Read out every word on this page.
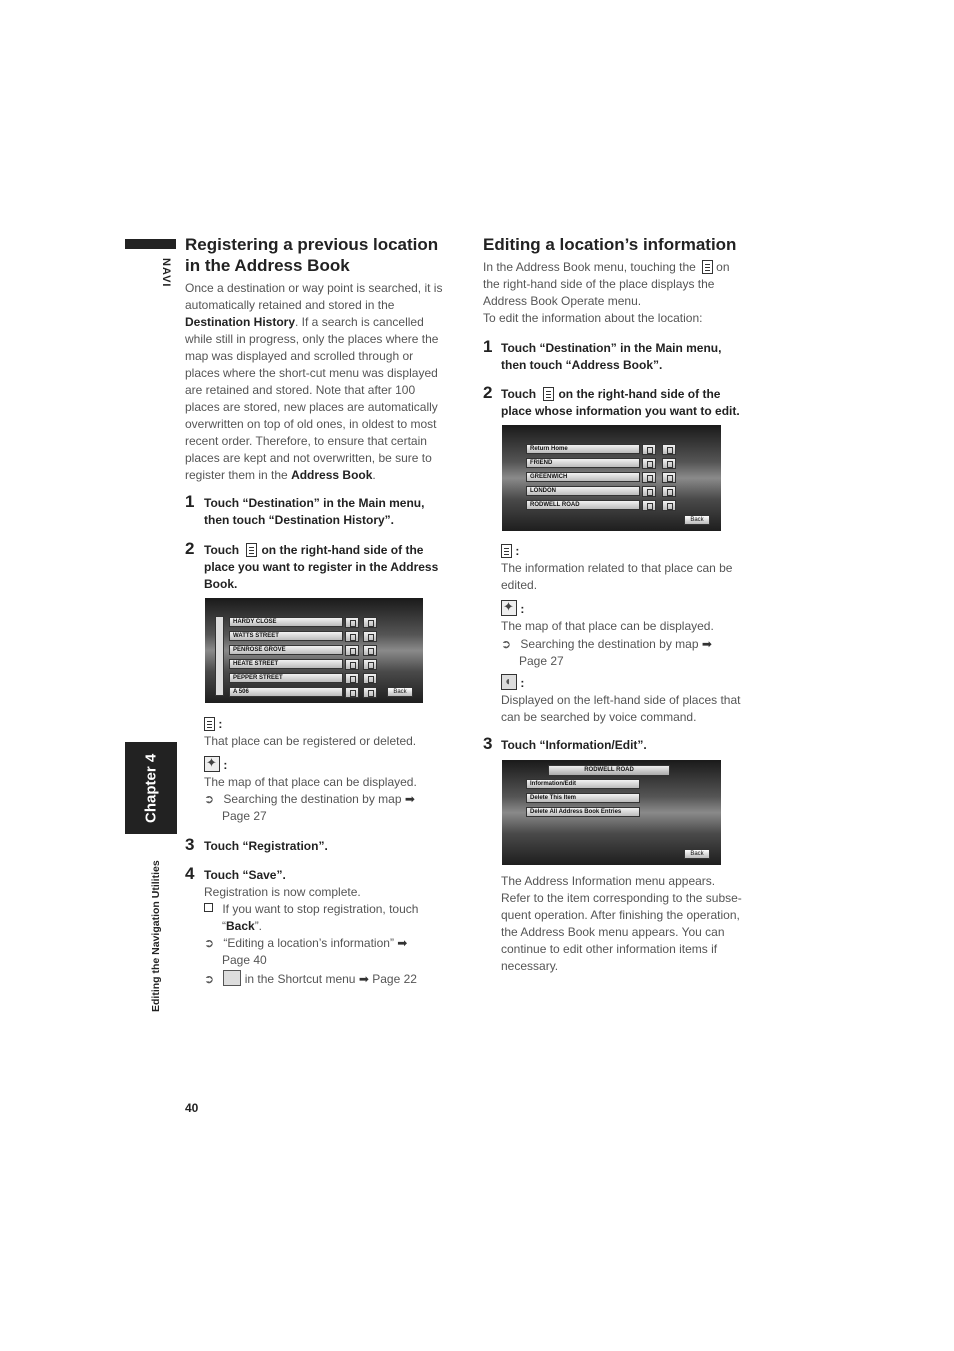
NAVI
Chapter 4
Editing the Navigation Utilities
40
Registering a previous location
in the Address Book
Once a destination or way point is searched, it is
automatically retained and stored in the
Destination History. If a search is cancelled
while still in progress, only the places where the
map was displayed and scrolled through or
places where the short-cut menu was displayed
are retained and stored. Note that after 100
places are stored, new places are automatically
overwritten on top of old ones, in oldest to most
recent order. Therefore, to ensure that certain
places are kept and not overwritten, be sure to
register them in the Address Book.
1 Touch “Destination” in the Main menu,
then touch “Destination History”.
2 Touch on the right-hand side of the
place you want to register in the Address
Book.
HARDY CLOSE
WATTS STREET
PENROSE GROVE
HEATE STREET
PEPPER STREET
A 506	Back
:
That place can be registered or deleted.
✦ :
The map of that place can be displayed.
➲ Searching the destination by map ➡
Page 27
3 Touch “Registration”.
4 Touch “Save”.
Registration is now complete.
If you want to stop registration, touch
“Back”.
➲ “Editing a location’s information” ➡
Page 40
➲	in the Shortcut menu ➡ Page 22
Editing a location’s information
In the Address Book menu, touching the on
the right-hand side of the place displays the
Address Book Operate menu.
To edit the information about the location:
1 Touch “Destination” in the Main menu,
then touch “Address Book”.
2 Touch on the right-hand side of the
place whose information you want to edit.
Return Home
FRIEND
GREENWICH
LONDON
RODWELL ROAD
Back
:
The information related to that place can be
edited.
✦ :
The map of that place can be displayed.
➲ Searching the destination by map ➡
Page 27
◖ :
Displayed on the left-hand side of places that
can be searched by voice command.
3 Touch “Information/Edit”.
RODWELL ROAD
Information/Edit
Delete This Item
Delete All Address Book Entries
Back
The Address Information menu appears.
Refer to the item corresponding to the subse-
quent operation. After finishing the operation,
the Address Book menu appears. You can
continue to edit other information items if
necessary.
